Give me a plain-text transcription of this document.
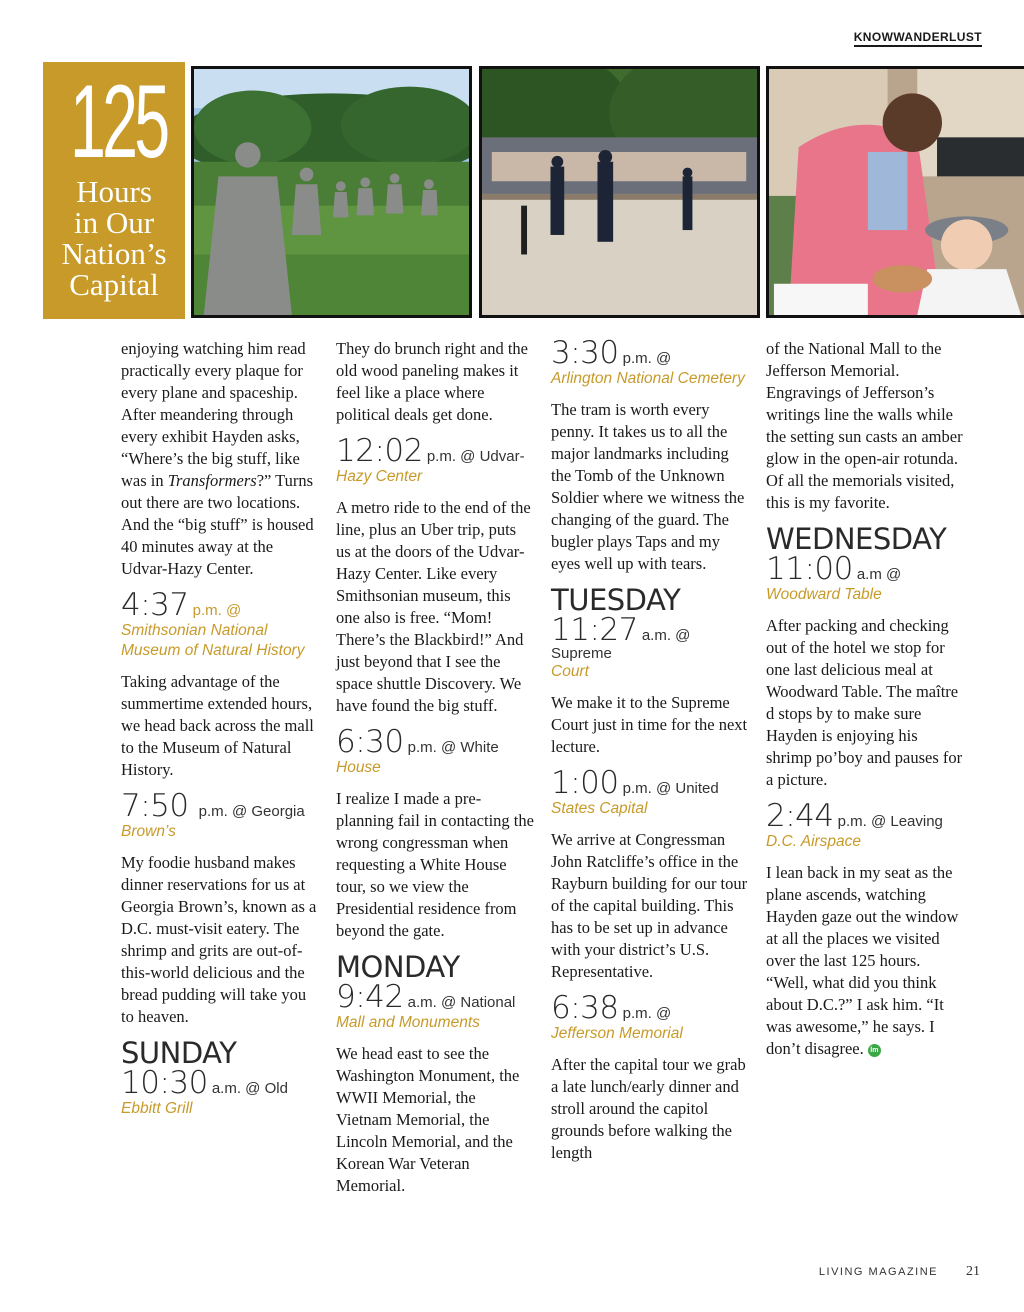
KNOWWANDERLUST
125
Hours
in Our
Nation’s
Capital

enjoying watching him read practically every plaque for every plane and spaceship. After meandering through every exhibit Hayden asks, “Where’s the big stuff, like was in Transformers?” Turns out there are two locations. And the “big stuff” is housed 40 minutes away at the Udvar-Hazy Center.

4:37 p.m. @
Smithsonian National Museum of Natural History

Taking advantage of the summertime extended hours, we head back across the mall to the Museum of Natural History.

7:50 p.m. @ Georgia
Brown’s

My foodie husband makes dinner reservations for us at Georgia Brown’s, known as a D.C. must-visit eatery. The shrimp and grits are out-of-this-world delicious and the bread pudding will take you to heaven.

SUNDAY
10:30 a.m. @ Old
Ebbitt Grill

They do brunch right and the old wood paneling makes it feel like a place where political deals get done.

12:02 p.m. @ Udvar-
Hazy Center

A metro ride to the end of the line, plus an Uber trip, puts us at the doors of the Udvar-Hazy Center. Like every Smithsonian museum, this one also is free. “Mom! There’s the Blackbird!” And just beyond that I see the space shuttle Discovery. We have found the big stuff.

6:30 p.m. @ White
House

I realize I made a pre-planning fail in contacting the wrong congressman when requesting a White House tour, so we view the Presidential residence from beyond the gate.

MONDAY
9:42 a.m. @ National
Mall and Monuments

We head east to see the Washington Monument, the WWII Memorial, the Vietnam Memorial, the Lincoln Memorial, and the Korean War Veteran Memorial.

3:30 p.m. @
Arlington National Cemetery

The tram is worth every penny. It takes us to all the major landmarks including the Tomb of the Unknown Soldier where we witness the changing of the guard. The bugler plays Taps and my eyes well up with tears.

TUESDAY
11:27 a.m. @ Supreme
Court

We make it to the Supreme Court just in time for the next lecture.

1:00 p.m. @ United
States Capital

We arrive at Congressman John Ratcliffe’s office in the Rayburn building for our tour of the capital building. This has to be set up in advance with your district’s U.S. Representative.

6:38 p.m. @
Jefferson Memorial

After the capital tour we grab a late lunch/early dinner and stroll around the capitol grounds before walking the length

of the National Mall to the Jefferson Memorial. Engravings of Jefferson’s writings line the walls while the setting sun casts an amber glow in the open-air rotunda. Of all the memorials visited, this is my favorite.

WEDNESDAY
11:00 a.m @
Woodward Table

After packing and checking out of the hotel we stop for one last delicious meal at Woodward Table. The maître d stops by to make sure Hayden is enjoying his shrimp po’boy and pauses for a picture.

2:44 p.m. @ Leaving
D.C. Airspace

I lean back in my seat as the plane ascends, watching Hayden gaze out the window at all the places we visited over the last 125 hours. “Well, what did you think about D.C.?” I ask him. “It was awesome,” he says. I don’t disagree. lm

LIVING MAGAZINE 21
